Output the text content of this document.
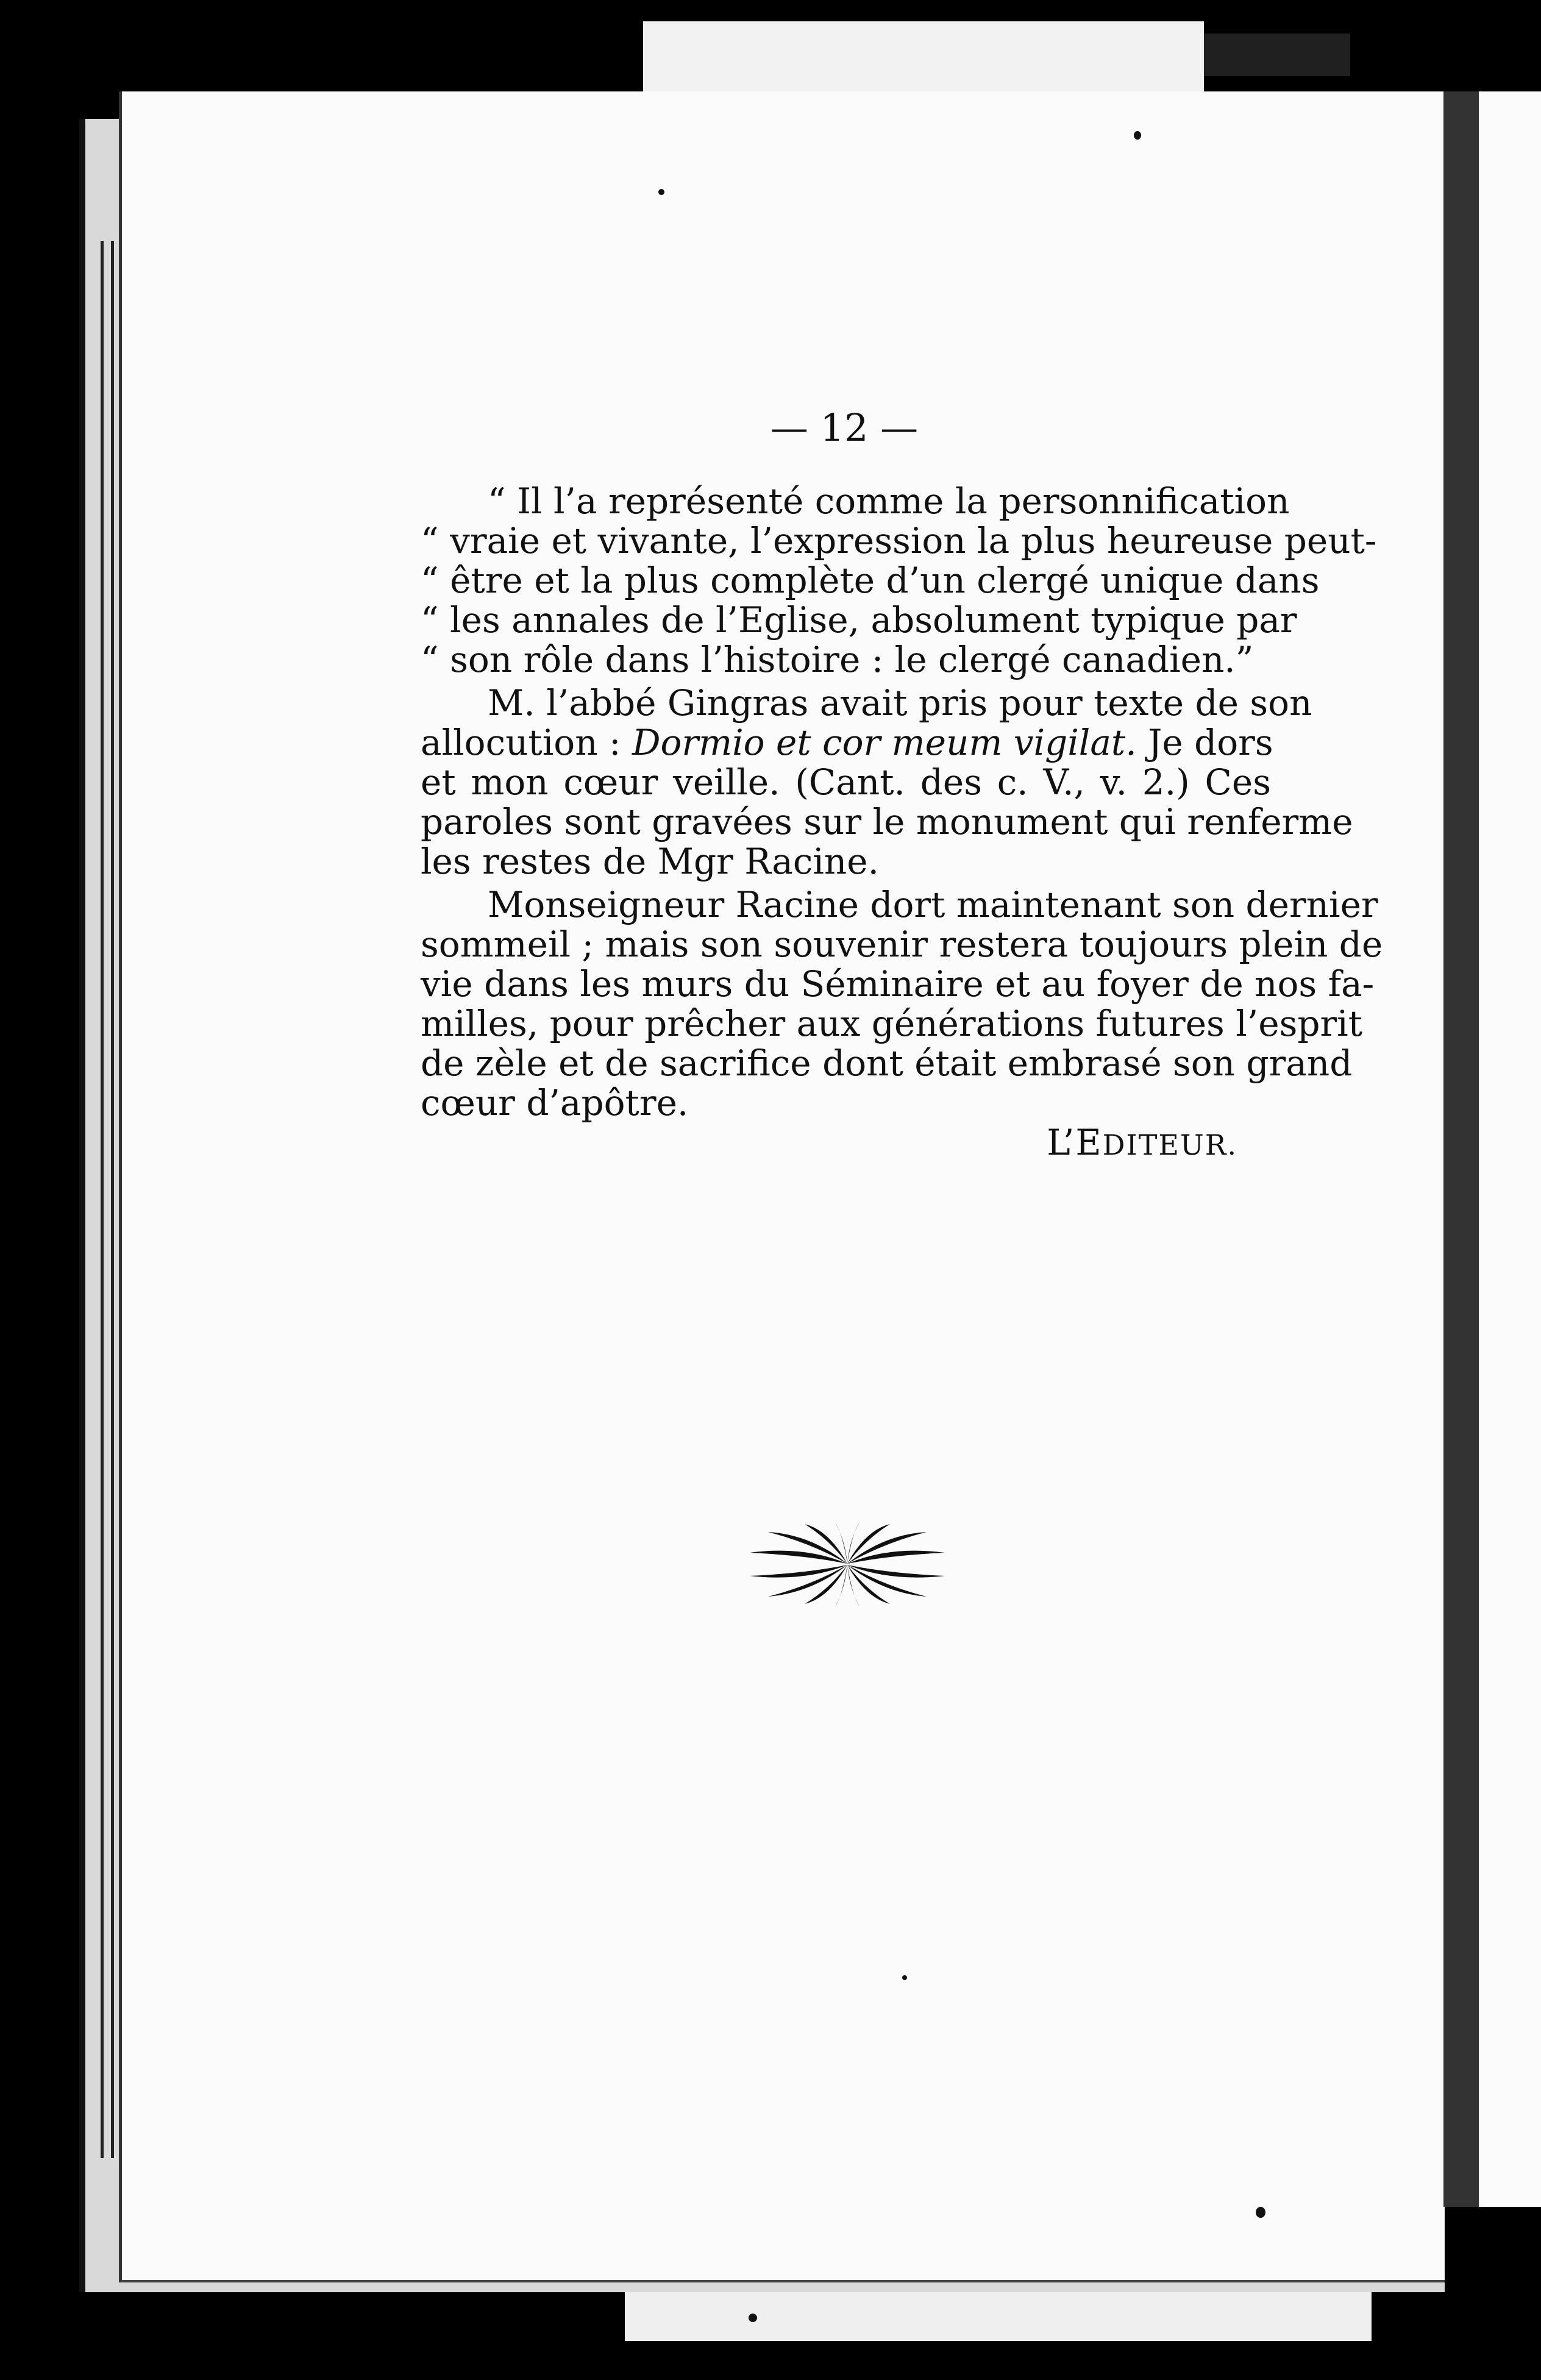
— 12 —
“ Il l’a représenté comme la personnification
“ vraie et vivante, l’expression la plus heureuse peut-
“ être et la plus complète d’un clergé unique dans
“ les annales de l’Eglise, absolument typique par
“ son rôle dans l’histoire : le clergé canadien.”
M. l’abbé Gingras avait pris pour texte de son
allocution : Dormio et cor meum vigilat. Je dors
et mon cœur veille. (Cant. des c. V., v. 2.) Ces
paroles sont gravées sur le monument qui renferme
les restes de Mgr Racine.
Monseigneur Racine dort maintenant son dernier
sommeil ; mais son souvenir restera toujours plein de
vie dans les murs du Séminaire et au foyer de nos fa-
milles, pour prêcher aux générations futures l’esprit
de zèle et de sacrifice dont était embrasé son grand
cœur d’apôtre.
L’EDITEUR.
